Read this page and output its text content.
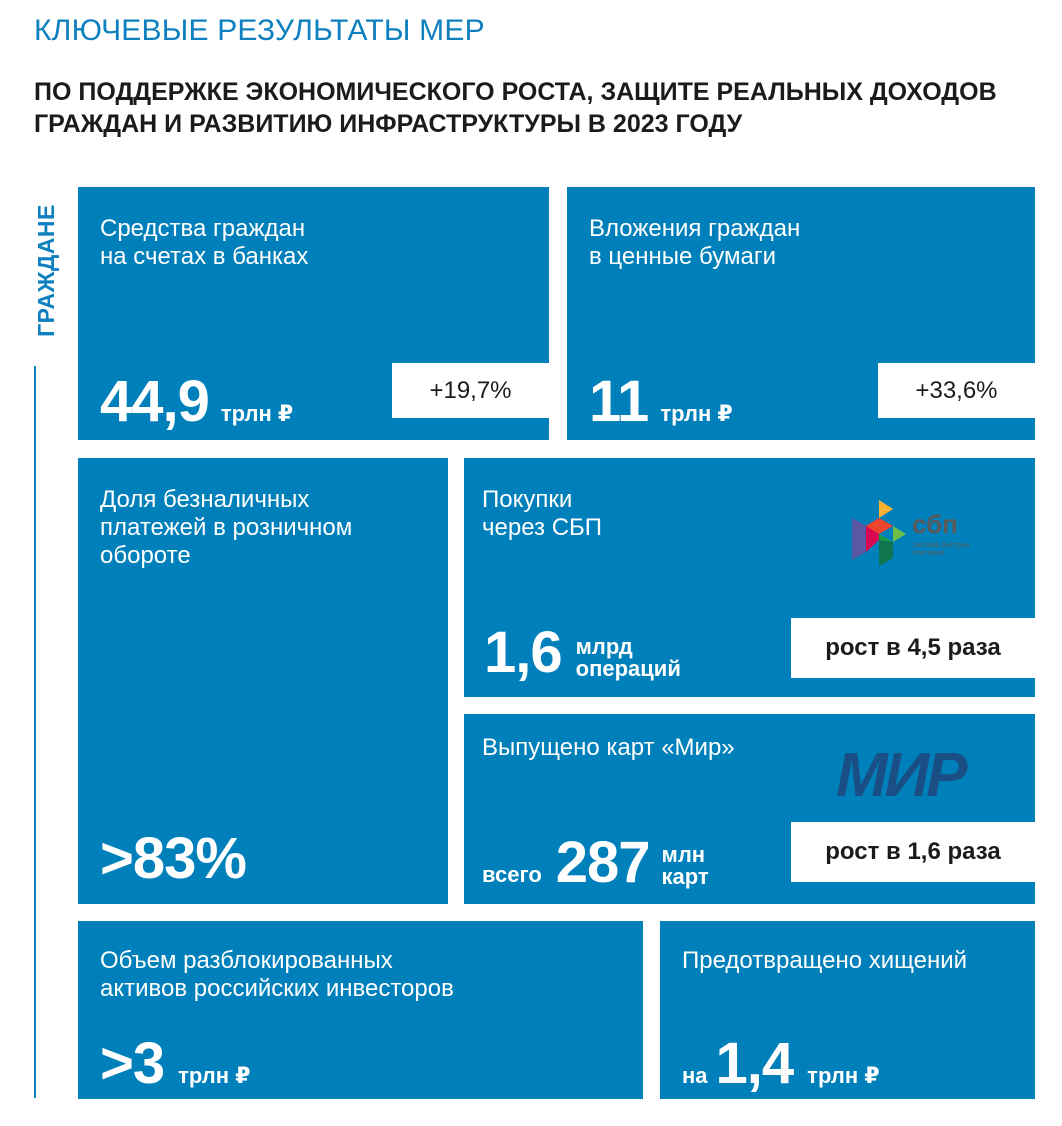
КЛЮЧЕВЫЕ РЕЗУЛЬТАТЫ МЕР
ПО ПОДДЕРЖКЕ ЭКОНОМИЧЕСКОГО РОСТА, ЗАЩИТЕ РЕАЛЬНЫХ ДОХОДОВ ГРАЖДАН И РАЗВИТИЮ ИНФРАСТРУКТУРЫ В 2023 ГОДУ
ГРАЖДАНЕ Средства граждан
на счетах в банках
44,9 трлн ₽
+19,7%
Вложения граждан
в ценные бумаги
11 трлн ₽
+33,6%
Доля безналичных
платежей в розничном
обороте
>83%
Покупки
через СБП	сбп
система быстрых
платежей
1,6 млрд
операций
рост в 4,5 раза
Выпущено карт «Мир» МИР
всего 287 млн
карт
рост в 1,6 раза
Объем разблокированных
активов российских инвесторов
>3 трлн ₽
Предотвращено хищений
на 1,4 трлн ₽
